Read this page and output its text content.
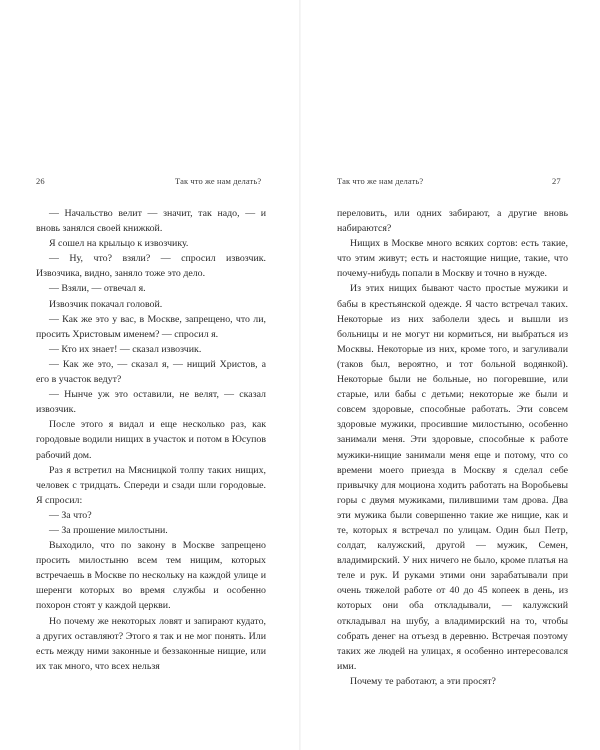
26	Так что же нам делать?

— Начальство велит — значит, так надо, — и вновь занялся своей книжкой.

Я сошел на крыльцо к извозчику.

— Ну, что? взяли? — спросил извозчик. Извозчика, видно, заняло тоже это дело.

— Взяли, — отвечал я.

Извозчик покачал головой.

— Как же это у вас, в Москве, запрещено, что ли, просить Христовым именем? — спросил я.

— Кто их знает! — сказал извозчик.

— Как же это, — сказал я, — нищий Христов, а его в участок ведут?

— Нынче уж это оставили, не велят, — сказал извозчик.

После этого я видал и еще несколько раз, как городовые водили нищих в участок и потом в Юсупов рабочий дом.

Раз я встретил на Мясницкой толпу таких нищих, человек с тридцать. Спереди и сзади шли городовые. Я спросил:

— За что?

— За прошение милостыни.

Выходило, что по закону в Москве запрещено просить милостыню всем тем нищим, которых встречаешь в Москве по нескольку на каждой улице и шеренги которых во время службы и особенно похорон стоят у каждой церкви.

Но почему же некоторых ловят и запирают кудато, а других оставляют? Этого я так и не мог понять. Или есть между ними законные и беззаконные нищие, или их так много, что всех нельзя

Так что же нам делать?	27

переловить, или одних забирают, а другие вновь набираются?

Нищих в Москве много всяких сортов: есть такие, что этим живут; есть и настоящие нищие, такие, что почему-нибудь попали в Москву и точно в нужде.

Из этих нищих бывают часто простые мужики и бабы в крестьянской одежде. Я часто встречал таких. Некоторые из них заболели здесь и вышли из больницы и не могут ни кормиться, ни выбраться из Москвы. Некоторые из них, кроме того, и загуливали (таков был, вероятно, и тот больной водянкой). Некоторые были не больные, но погоревшие, или старые, или бабы с детьми; некоторые же были и совсем здоровые, способные работать. Эти совсем здоровые мужики, просившие милостыню, особенно занимали меня. Эти здоровые, способные к работе мужики-нищие занимали меня еще и потому, что со времени моего приезда в Москву я сделал себе привычку для моциона ходить работать на Воробьевы горы с двумя мужиками, пилившими там дрова. Два эти мужика были совершенно такие же нищие, как и те, которых я встречал по улицам. Один был Петр, солдат, калужский, другой — мужик, Семен, владимирский. У них ничего не было, кроме платья на теле и рук. И руками этими они зарабатывали при очень тяжелой работе от 40 до 45 копеек в день, из которых они оба откладывали, — калужский откладывал на шубу, а владимирский на то, чтобы собрать денег на отъезд в деревню. Встречая поэтому таких же людей на улицах, я особенно интересовался ими.

Почему те работают, а эти просят?
